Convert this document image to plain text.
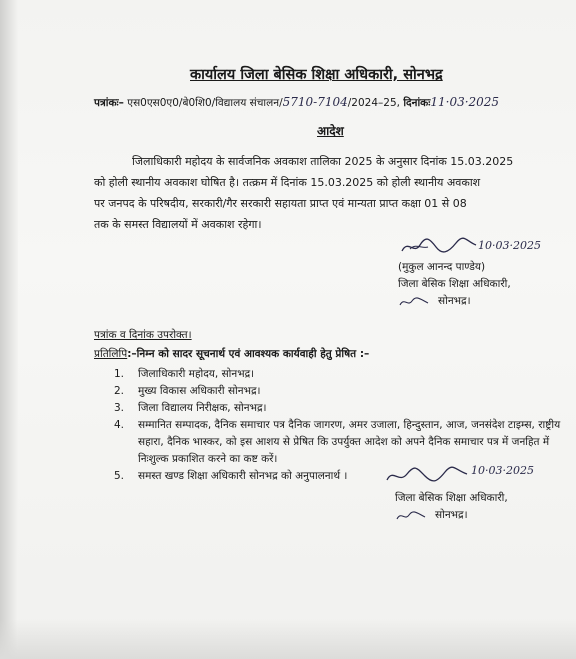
कार्यालय जिला बेसिक शिक्षा अधिकारी, सोनभद्र
पत्रांकः– एस0एस0ए0/बे0शि0/विद्यालय संचालन/5710-7104/2024–25, दिनांकः11·03·2025
आदेश
जिलाधिकारी महोदय के सार्वजनिक अवकाश तालिका 2025 के अनुसार दिनांक 15.03.2025
को होली स्थानीय अवकाश घोषित है। तत्क्रम में दिनांक 15.03.2025 को होली स्थानीय अवकाश
पर जनपद के परिषदीय, सरकारी/गैर सरकारी सहायता प्राप्त एवं मान्यता प्राप्त कक्षा 01 से 08
तक के समस्त विद्यालयों में अवकाश रहेगा।
10·03·2025
(मुकुल आनन्द पाण्डेय)
जिला बेसिक शिक्षा अधिकारी,
सोनभद्र।
पत्रांक व दिनांक उपरोक्त।
प्रतिलिपि:–निम्न को सादर सूचनार्थ एवं आवश्यक कार्यवाही हेतु प्रेषित :–
1.	जिलाधिकारी महोदय, सोनभद्र।
2.	मुख्य विकास अधिकारी सोनभद्र।
3.	जिला विद्यालय निरीक्षक, सोनभद्र।
4.	सम्मानित सम्पादक, दैनिक समाचार पत्र दैनिक जागरण, अमर उजाला, हिन्दुस्तान, आज, जनसंदेश टाइम्स, राष्ट्रीय सहारा, दैनिक भास्कर, को इस आशय से प्रेषित कि उपर्युक्त आदेश को अपने दैनिक समाचार पत्र में जनहित में निःशुल्क प्रकाशित करने का कष्ट करें।
5.	समस्त खण्ड शिक्षा अधिकारी सोनभद्र को अनुपालनार्थ ।	10·03·2025
जिला बेसिक शिक्षा अधिकारी,
सोनभद्र।
